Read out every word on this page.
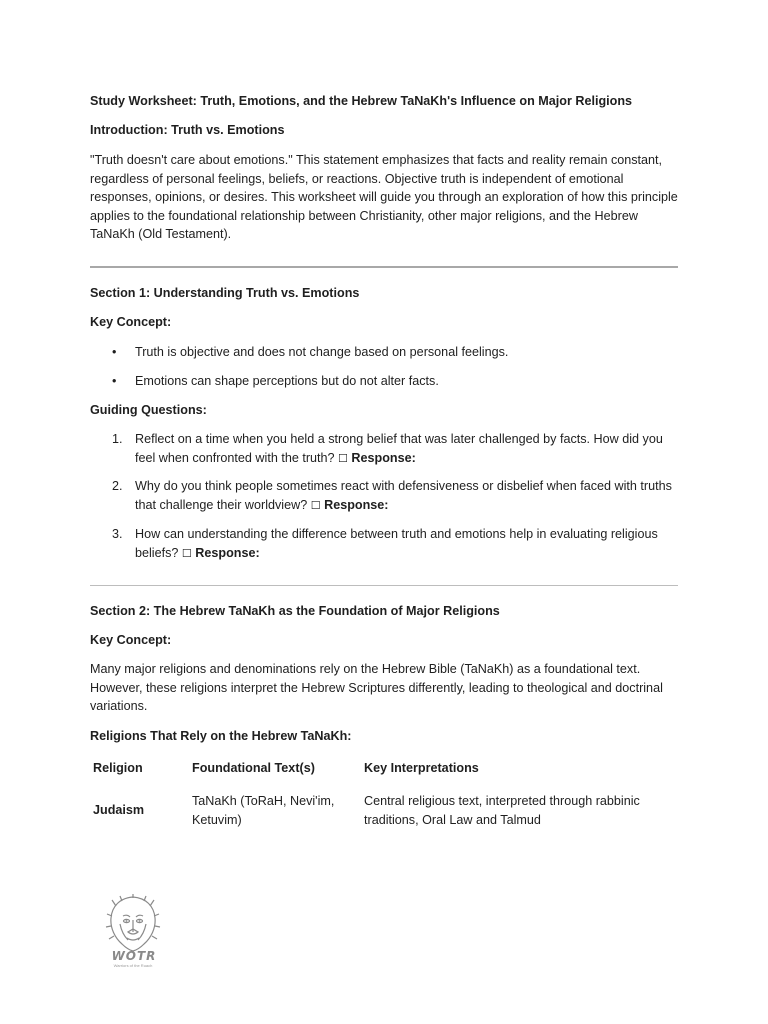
Study Worksheet: Truth, Emotions, and the Hebrew TaNaKh's Influence on Major Religions
Introduction: Truth vs. Emotions
"Truth doesn't care about emotions." This statement emphasizes that facts and reality remain constant, regardless of personal feelings, beliefs, or reactions. Objective truth is independent of emotional responses, opinions, or desires. This worksheet will guide you through an exploration of how this principle applies to the foundational relationship between Christianity, other major religions, and the Hebrew TaNaKh (Old Testament).
Section 1: Understanding Truth vs. Emotions
Key Concept:
• Truth is objective and does not change based on personal feelings.
• Emotions can shape perceptions but do not alter facts.
Guiding Questions:
1. Reflect on a time when you held a strong belief that was later challenged by facts. How did you feel when confronted with the truth? ☐ Response:
2. Why do you think people sometimes react with defensiveness or disbelief when faced with truths that challenge their worldview? ☐ Response:
3. How can understanding the difference between truth and emotions help in evaluating religious beliefs? ☐ Response:
Section 2: The Hebrew TaNaKh as the Foundation of Major Religions
Key Concept:
Many major religions and denominations rely on the Hebrew Bible (TaNaKh) as a foundational text. However, these religions interpret the Hebrew Scriptures differently, leading to theological and doctrinal variations.
Religions That Rely on the Hebrew TaNaKh:
Religion	Foundational Text(s)	Key Interpretations
Judaism
TaNaKh (ToRaH, Nevi'im, Ketuvim)
Central religious text, interpreted through rabbinic traditions, Oral Law and Talmud
WOTR
Warriors of the Ruach
